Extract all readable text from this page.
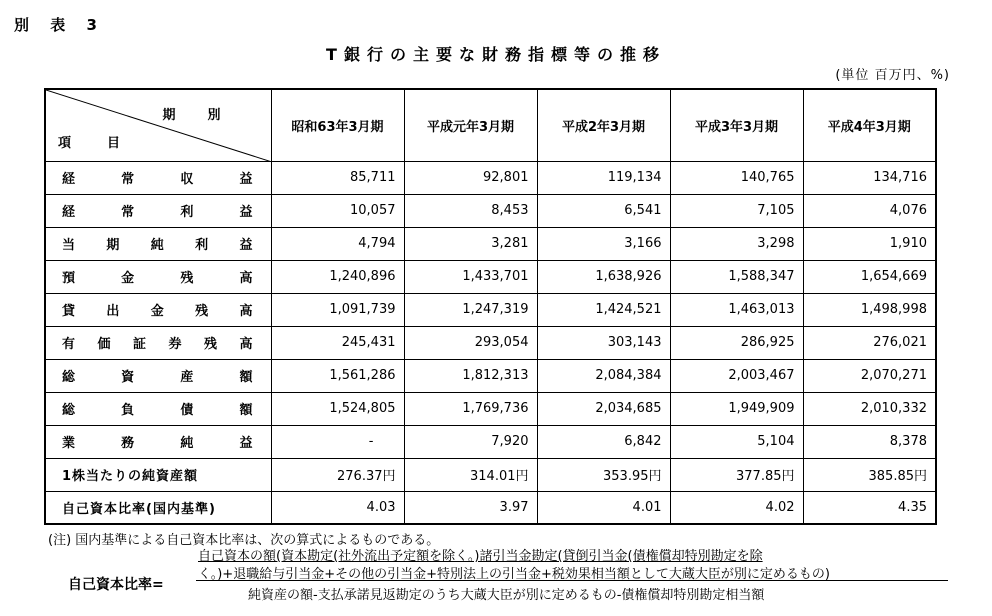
別 表 3
T銀行の主要な財務指標等の推移
(単位 百万円、%)
期別
項目	昭和63年3月期	平成元年3月期	平成2年3月期	平成3年3月期	平成4年3月期
経常収益	85,711	92,801	119,134	140,765	134,716
経常利益	10,057	8,453	6,541	7,105	4,076
当期純利益	4,794	3,281	3,166	3,298	1,910
預金残高	1,240,896	1,433,701	1,638,926	1,588,347	1,654,669
貸出金残高	1,091,739	1,247,319	1,424,521	1,463,013	1,498,998
有価証券残高	245,431	293,054	303,143	286,925	276,021
総資産額	1,561,286	1,812,313	2,084,384	2,003,467	2,070,271
総負債額	1,524,805	1,769,736	2,034,685	1,949,909	2,010,332
業務純益	-	7,920	6,842	5,104	8,378
1株当たりの純資産額	276.37円	314.01円	353.95円	377.85円	385.85円
自己資本比率(国内基準)	4.03	3.97	4.01	4.02	4.35
(注) 国内基準による自己資本比率は、次の算式によるものである。
自己資本比率=
自己資本の額(資本勘定(社外流出予定額を除く。)諸引当金勘定(貸倒引当金(債権償却特別勘定を除
く。)+退職給与引当金+その他の引当金+特別法上の引当金+税効果相当額として大蔵大臣が別に定めるもの)
純資産の額-支払承諾見返勘定のうち大蔵大臣が別に定めるもの-債権償却特別勘定相当額
